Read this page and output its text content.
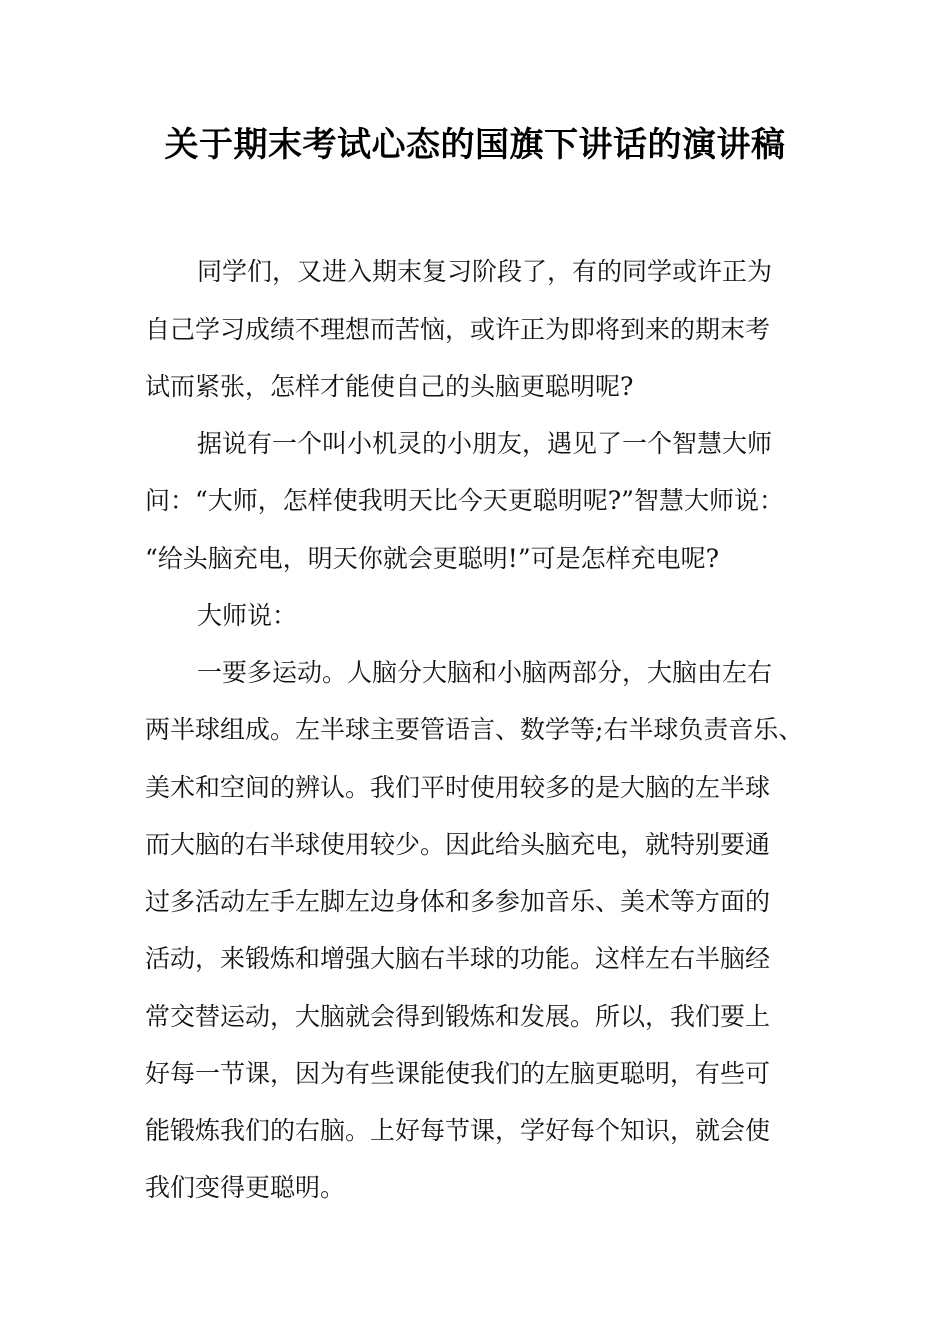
关于期末考试心态的国旗下讲话的演讲稿
同学们，又进入期末复习阶段了，有的同学或许正为
自己学习成绩不理想而苦恼，或许正为即将到来的期末考
试而紧张，怎样才能使自己的头脑更聪明呢?
据说有一个叫小机灵的小朋友，遇见了一个智慧大师
问：“大师，怎样使我明天比今天更聪明呢?”智慧大师说：
“给头脑充电，明天你就会更聪明!”可是怎样充电呢?
大师说：
一要多运动。人脑分大脑和小脑两部分，大脑由左右
两半球组成。左半球主要管语言、数学等;右半球负责音乐、
美术和空间的辨认。我们平时使用较多的是大脑的左半球
而大脑的右半球使用较少。因此给头脑充电，就特别要通
过多活动左手左脚左边身体和多参加音乐、美术等方面的
活动，来锻炼和增强大脑右半球的功能。这样左右半脑经
常交替运动，大脑就会得到锻炼和发展。所以，我们要上
好每一节课，因为有些课能使我们的左脑更聪明，有些可
能锻炼我们的右脑。上好每节课，学好每个知识，就会使
我们变得更聪明。
